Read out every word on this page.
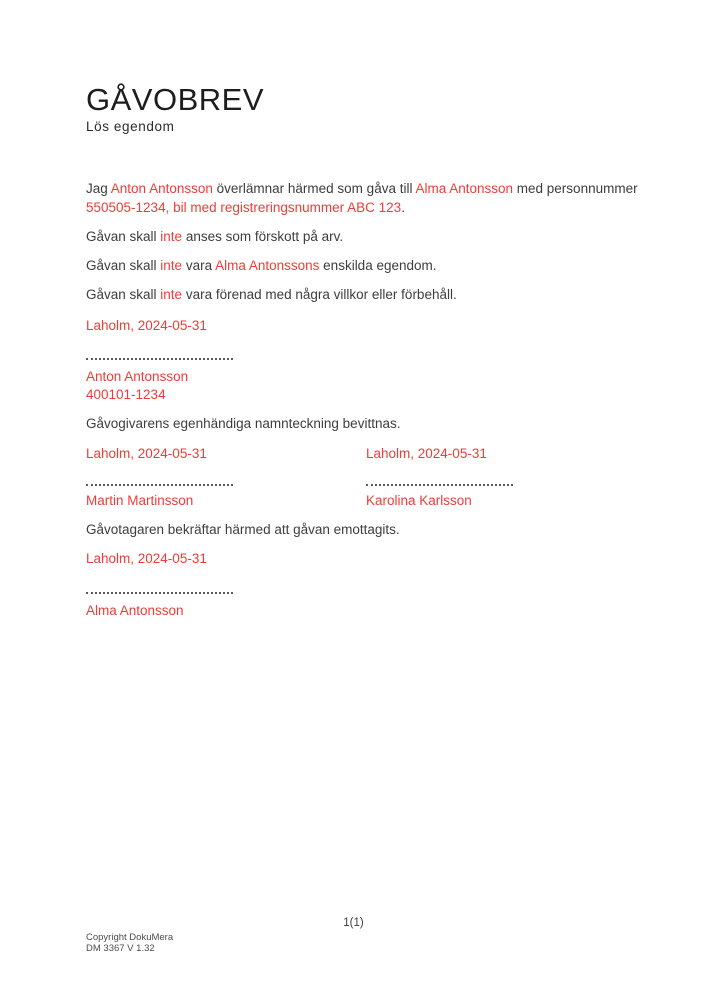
GÅVOBREV
Lös egendom

Jag Anton Antonsson överlämnar härmed som gåva till Alma Antonsson med personnummer
550505-1234, bil med registreringsnummer ABC 123.

Gåvan skall inte anses som förskott på arv.

Gåvan skall inte vara Alma Antonssons enskilda egendom.

Gåvan skall inte vara förenad med några villkor eller förbehåll.

Laholm, 2024-05-31
Anton Antonsson
400101-1234

Gåvogivarens egenhändiga namnteckning bevittnas.

Laholm, 2024-05-31	Laholm, 2024-05-31
Martin Martinsson	Karolina Karlsson

Gåvotagaren bekräftar härmed att gåvan emottagits.

Laholm, 2024-05-31
Alma Antonsson
1(1)
Copyright DokuMera
DM 3367 V 1.32
